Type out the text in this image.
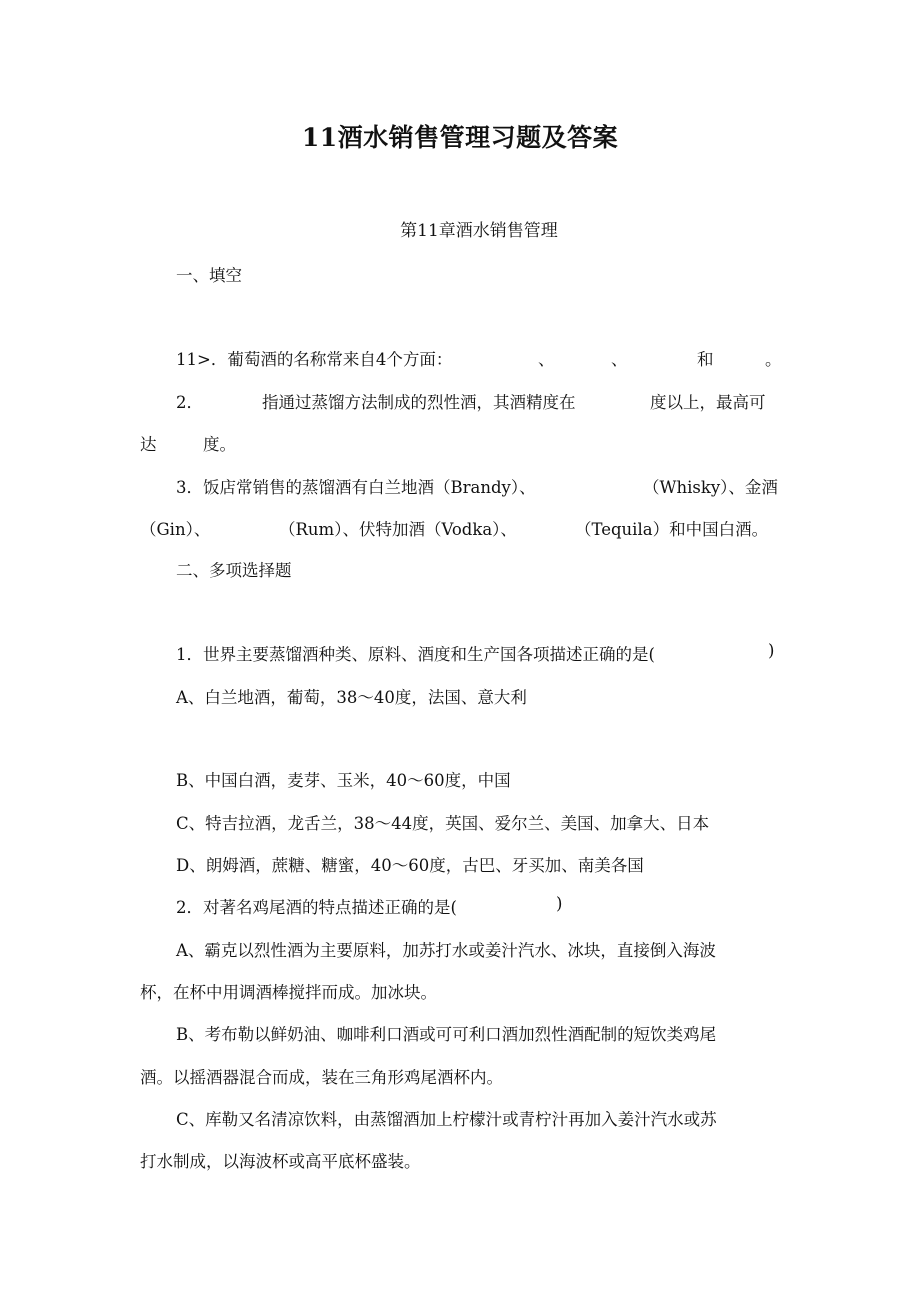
11酒水销售管理习题及答案
第11章酒水销售管理
一、填空
11>．葡萄酒的名称常来自4个方面：	、	、	和	。
2．	指通过蒸馏方法制成的烈性酒，其酒精度在	度以上，最高可
达	度。
3．饭店常销售的蒸馏酒有白兰地酒（Brandy）、	（Whisky）、金酒
（Gin）、	（Rum）、伏特加酒（Vodka）、	（Tequila）和中国白酒。
二、多项选择题
1．世界主要蒸馏酒种类、原料、酒度和生产国各项描述正确的是(	)
A、白兰地酒，葡萄，38～40度，法国、意大利
B、中国白酒，麦芽、玉米，40～60度，中国
C、特吉拉酒，龙舌兰，38～44度，英国、爱尔兰、美国、加拿大、日本
D、朗姆酒，蔗糖、糖蜜，40～60度，古巴、牙买加、南美各国
2．对著名鸡尾酒的特点描述正确的是(	)
A、霸克以烈性酒为主要原料，加苏打水或姜汁汽水、冰块，直接倒入海波
杯，在杯中用调酒棒搅拌而成。加冰块。
B、考布勒以鲜奶油、咖啡利口酒或可可利口酒加烈性酒配制的短饮类鸡尾
酒。以摇酒器混合而成，装在三角形鸡尾酒杯内。
C、库勒又名清凉饮料，由蒸馏酒加上柠檬汁或青柠汁再加入姜汁汽水或苏
打水制成，以海波杯或高平底杯盛装。
